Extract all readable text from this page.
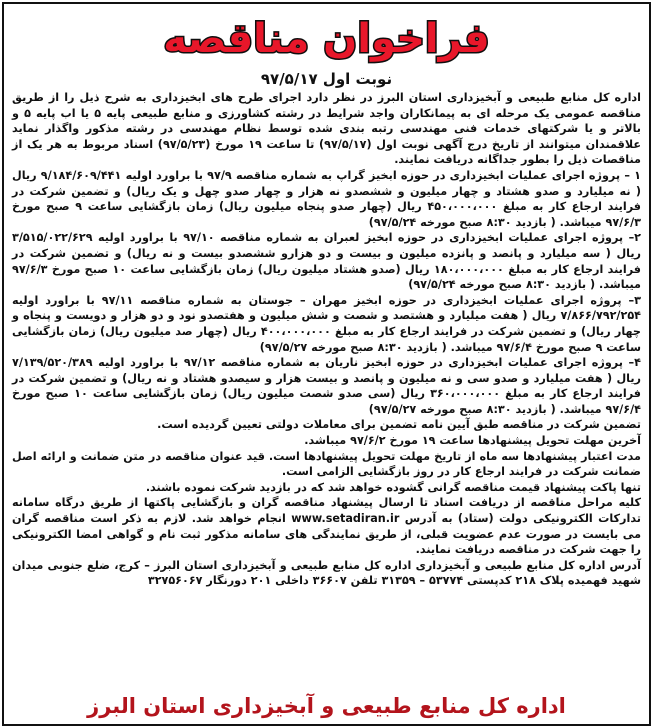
فراخوان مناقصه
نوبت اول ۹۷/۵/۱۷

اداره کل منابع طبیعی و آبخیزداری استان البرز در نظر دارد اجرای طرح های ابخیزداری به شرح ذیل را از طریق مناقصه عمومی یک مرحله ای به پیمانکاران واجد شرایط در رشته کشاورزی و منابع طبیعی پایه ۵ یا اب پایه ۵ و بالاتر و یا شرکتهای خدمات فنی مهندسی رتبه بندی شده توسط نظام مهندسی در رشته مذکور واگذار نماید علاقمندان میتوانند از تاریخ درج آگهی نوبت اول (۹۷/۵/۱۷) تا ساعت ۱۹ مورخ (۹۷/۵/۲۳) اسناد مربوط به هر یک از مناقصات ذیل را بطور جداگانه دریافت نمایند.

۱ – پروژه اجرای عملیات ابخیزداری در حوزه ابخیز گراپ به شماره مناقصه ۹۷/۹ با براورد اولیه ۹/۱۸۴/۶۰۹/۴۴۱ ریال ( نه میلیارد و صدو هشتاد و چهار میلیون و ششصدو نه هزار و چهار صدو چهل و یک ریال) و تضمین شرکت در فرایند ارجاع کار به مبلغ ۴۵۰،۰۰۰،۰۰۰ ریال (چهار صدو پنجاه میلیون ریال) زمان بازگشایی ساعت ۹ صبح مورخ ۹۷/۶/۳ میباشد. ( بازدید ۸:۳۰ صبح مورخه ۹۷/۵/۲۴)

۲– پروژه اجرای عملیات ابخیزداری در حوزه ابخیز لعبران به شماره مناقصه ۹۷/۱۰ با براورد اولیه ۳/۵۱۵/۰۲۲/۶۲۹ ریال ( سه میلیارد و پانصد و پانزده میلیون و بیست و دو هزارو ششصدو بیست و نه ریال) و تضمین شرکت در فرایند ارجاع کار به مبلغ ۱۸۰،۰۰۰،۰۰۰ ریال (صدو هشتاد میلیون ریال) زمان بازگشایی ساعت ۱۰ صبح مورخ ۹۷/۶/۳ میباشد. ( بازدید ۸:۳۰ صبح مورخه ۹۷/۵/۲۴)

۳– پروژه اجرای عملیات ابخیزداری در حوزه ابخیز مهران – جوستان به شماره مناقصه ۹۷/۱۱ با براورد اولیه ۷/۸۶۶/۷۹۲/۲۵۴ ریال ( هفت میلیارد و هشتصد و شصت و شش میلیون و هفتصدو نود و دو هزار و دویست و پنجاه و چهار ریال) و تضمین شرکت در فرایند ارجاع کار به مبلغ ۴۰۰،۰۰۰،۰۰۰ ریال (چهار صد میلیون ریال) زمان بازگشایی ساعت ۹ صبح مورخ ۹۷/۶/۴ میباشد. ( بازدید ۸:۳۰ صبح مورخه ۹۷/۵/۲۷)

۴– پروژه اجرای عملیات ابخیزداری در حوزه ابخیز ناریان به شماره مناقصه ۹۷/۱۲ با براورد اولیه ۷/۱۳۹/۵۲۰/۳۸۹ ریال ( هفت میلیارد و صدو سی و نه میلیون و پانصد و بیست هزار و سیصدو هشتاد و نه ریال) و تضمین شرکت در فرایند ارجاع کار به مبلغ ۳۶۰،۰۰۰،۰۰۰ ریال (سی صدو شصت میلیون ریال) زمان بازگشایی ساعت ۱۰ صبح مورخ ۹۷/۶/۴ میباشد. ( بازدید ۸:۳۰ صبح مورخه ۹۷/۵/۲۷)

تضمین شرکت در مناقصه طبق آیین نامه تضمین برای معاملات دولتی تعیین گردیده است.

آخرین مهلت تحویل پیشنهادها ساعت ۱۹ مورخ ۹۷/۶/۲ میباشد.

مدت اعتبار پیشنهادها سه ماه از تاریخ مهلت تحویل پیشنهادها است. قید عنوان مناقصه در متن ضمانت و ارائه اصل ضمانت شرکت در فرایند ارجاع کار در روز بازگشایی الزامی است.

تنها پاکت پیشنهاد قیمت مناقصه گرانی گشوده خواهد شد که در بازدید شرکت نموده باشند.

کلیه مراحل مناقصه از دریافت اسناد تا ارسال پیشنهاد مناقصه گران و بازگشایی پاکتها از طریق درگاه سامانه تدارکات الکترونیکی دولت (ستاد) به آدرس www.setadiran.ir انجام خواهد شد. لازم به ذکر است مناقصه گران می بایست در صورت عدم عضویت قبلی، از طریق نمایندگی های سامانه مذکور ثبت نام و گواهی امضا الکترونیکی را جهت شرکت در مناقصه دریافت نمایند.

آدرس اداره کل منابع طبیعی و آبخیزداری اداره کل منابع طبیعی و آبخیزداری استان البرز – کرج، ضلع جنوبی میدان شهید فهمیده پلاک ۲۱۸ کدپستی ۵۳۷۷۴ – ۳۱۳۵۹ تلفن ۳۶۶۰۷ داخلی ۲۰۱ دورنگار ۳۲۷۵۶۰۶۷

اداره کل منابع طبیعی و آبخیزداری استان البرز
